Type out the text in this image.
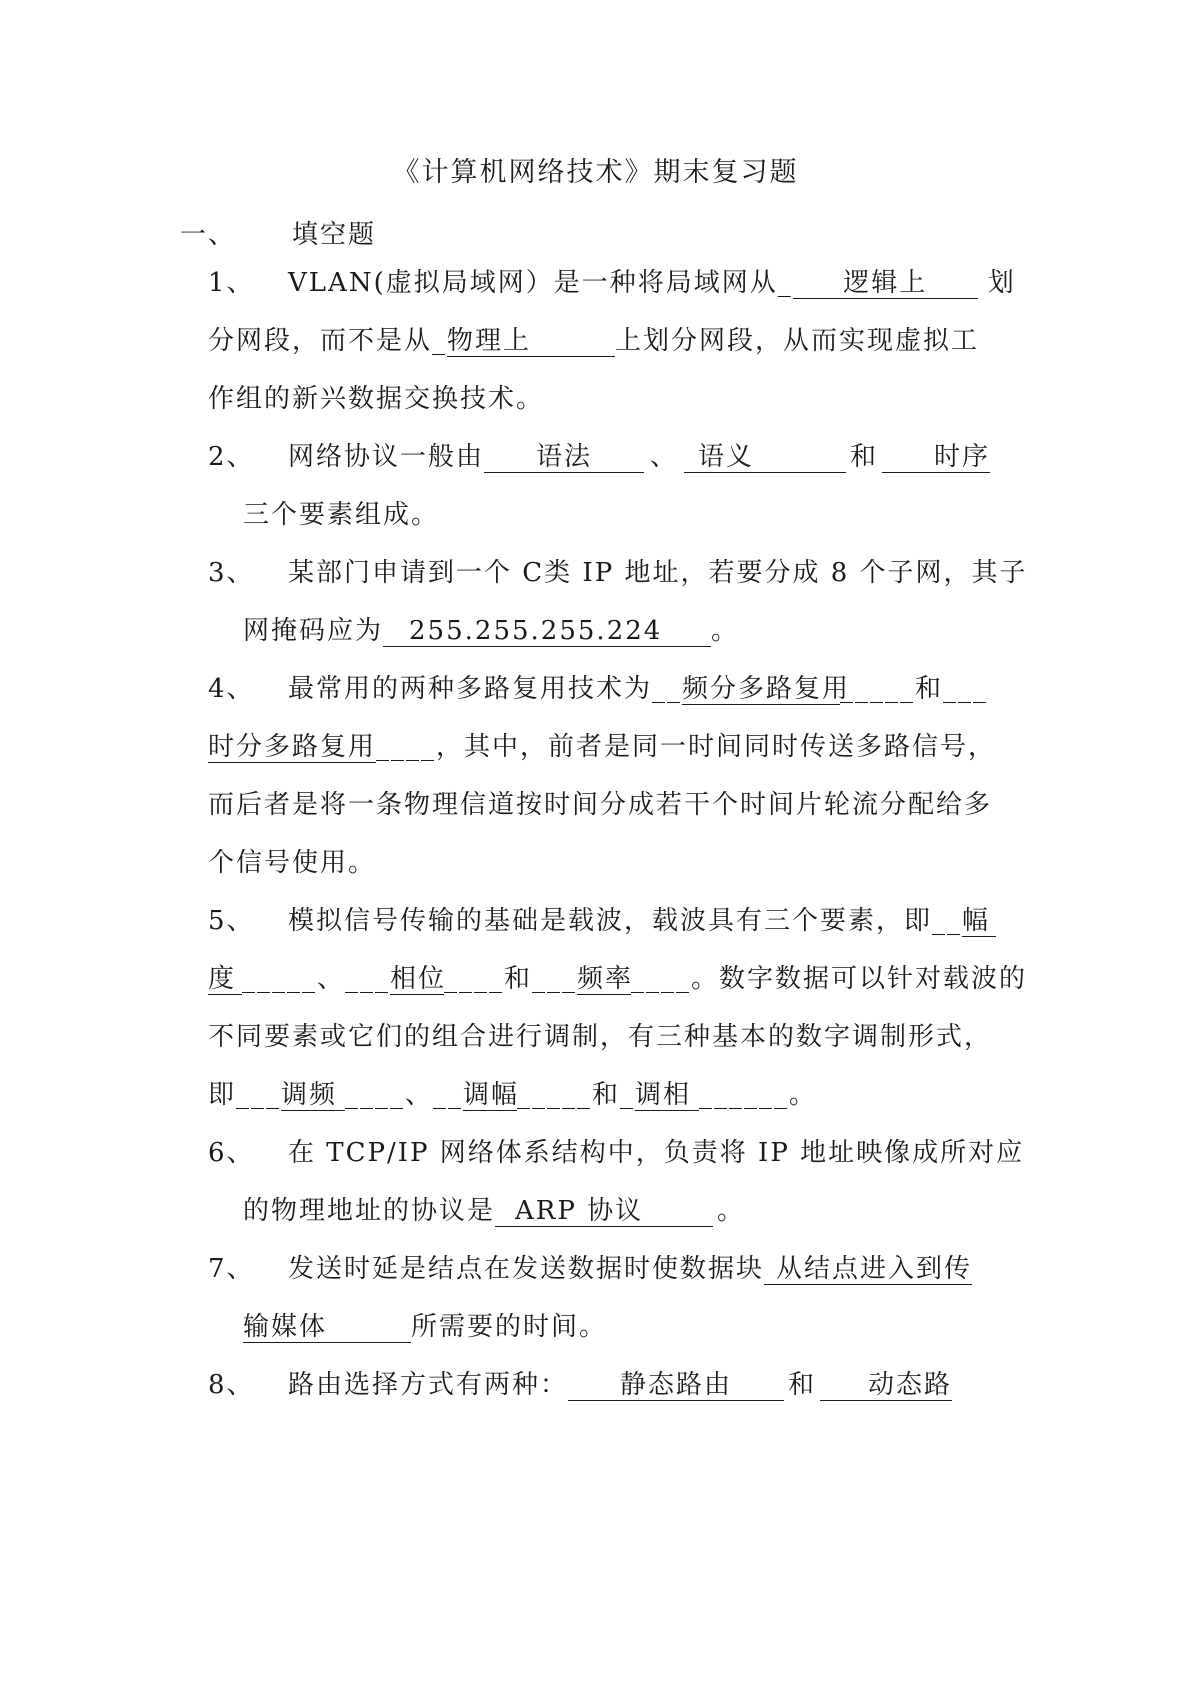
《计算机网络技术》期末复习题
一、 填空题
1、 VLAN(虚拟局域网）是一种将局域网从_ 逻辑上 划
分网段，而不是从_物理上	上划分网段，从而实现虚拟工
作组的新兴数据交换技术。
2、 网络协议一般由 语法 、 语义	和 时序
三个要素组成。
3、 某部门申请到一个 C类 IP 地址，若要分成 8 个子网，其子
网掩码应为 255.255.255.224 。
4、 最常用的两种多路复用技术为__频分多路复用_____和___
时分多路复用____，其中，前者是同一时间同时传送多路信号，
而后者是将一条物理信道按时间分成若干个时间片轮流分配给多
个信号使用。
5、 模拟信号传输的基础是载波，载波具有三个要素，即__幅
度 _____、___相位____和___频率____。数字数据可以针对载波的
不同要素或它们的组合进行调制，有三种基本的数字调制形式，
即___调频 ____、__调幅_____和_调相 ______。
6、 在 TCP/IP 网络体系结构中，负责将 IP 地址映像成所对应
的物理地址的协议是 ARP 协议	。
7、 发送时延是结点在发送数据时使数据块 从结点进入到传
输媒体	所需要的时间。
8、 路由选择方式有两种： 静态路由 和 动态路
